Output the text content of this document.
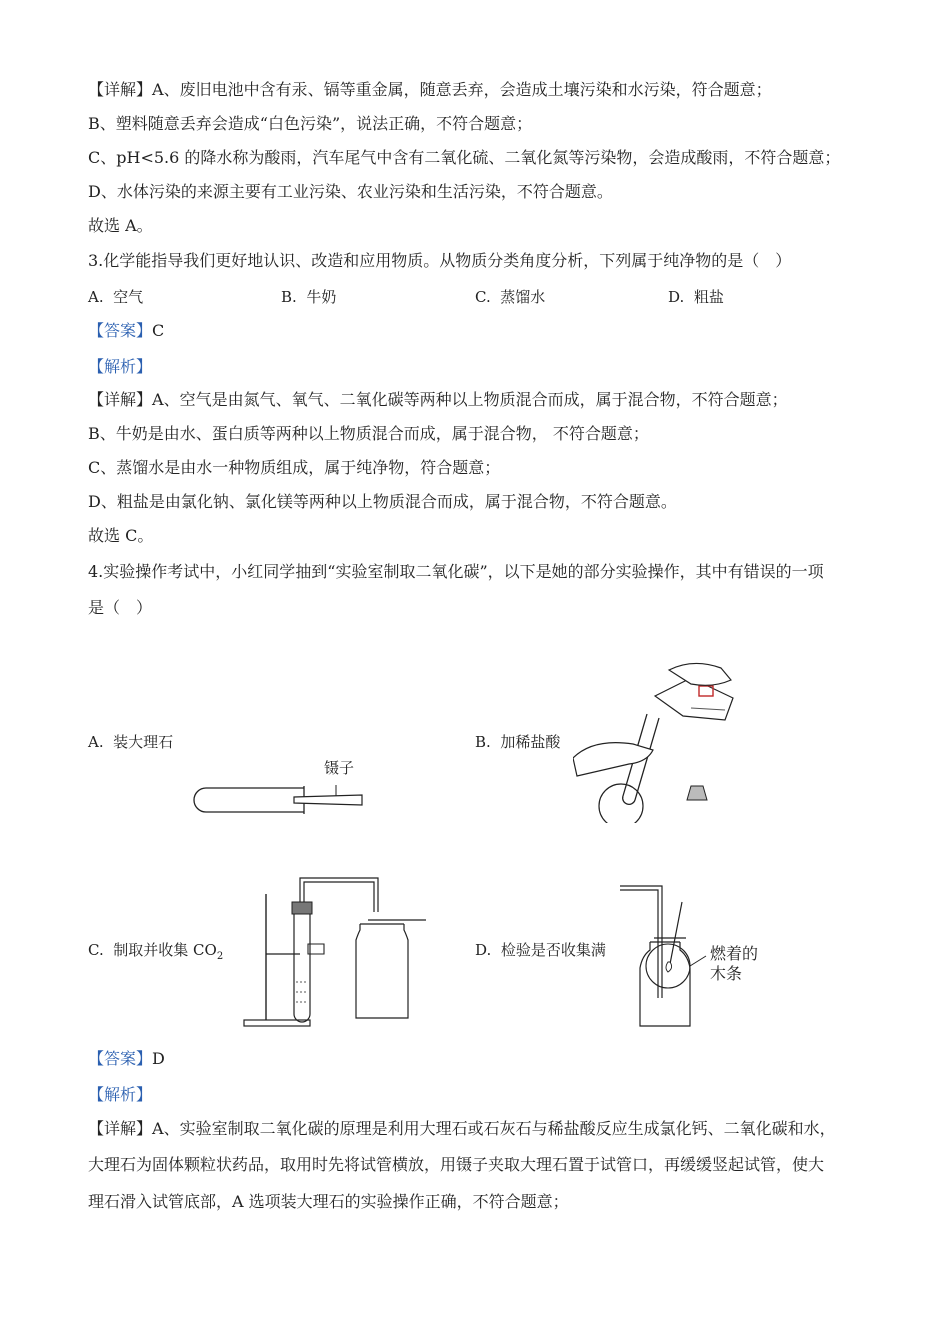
【详解】A、废旧电池中含有汞、镉等重金属，随意丢弃，会造成土壤污染和水污染，符合题意；
B、塑料随意丢弃会造成“白色污染”，说法正确，不符合题意；
C、pH<5.6 的降水称为酸雨，汽车尾气中含有二氧化硫、二氧化氮等污染物，会造成酸雨，不符合题意；
D、水体污染的来源主要有工业污染、农业污染和生活污染，不符合题意。
故选 A。
3.化学能指导我们更好地认识、改造和应用物质。从物质分类角度分析，下列属于纯净物的是（　）
A. 空气	B. 牛奶	C. 蒸馏水	D. 粗盐
【答案】C
【解析】
【详解】A、空气是由氮气、氧气、二氧化碳等两种以上物质混合而成，属于混合物，不符合题意；
B、牛奶是由水、蛋白质等两种以上物质混合而成，属于混合物， 不符合题意；
C、蒸馏水是由水一种物质组成，属于纯净物，符合题意；
D、粗盐是由氯化钠、氯化镁等两种以上物质混合而成，属于混合物，不符合题意。
故选 C。
4.实验操作考试中，小红同学抽到“实验室制取二氧化碳”，以下是她的部分实验操作，其中有错误的一项
是（　）
A. 装大理石	B. 加稀盐酸
C. 制取并收集 $CO_2$	D. 检验是否收集满
镊子
燃着的
木条
【答案】D
【解析】
【详解】A、实验室制取二氧化碳的原理是利用大理石或石灰石与稀盐酸反应生成氯化钙、二氧化碳和水，
大理石为固体颗粒状药品，取用时先将试管横放，用镊子夹取大理石置于试管口，再缓缓竖起试管，使大
理石滑入试管底部，A 选项装大理石的实验操作正确，不符合题意；
